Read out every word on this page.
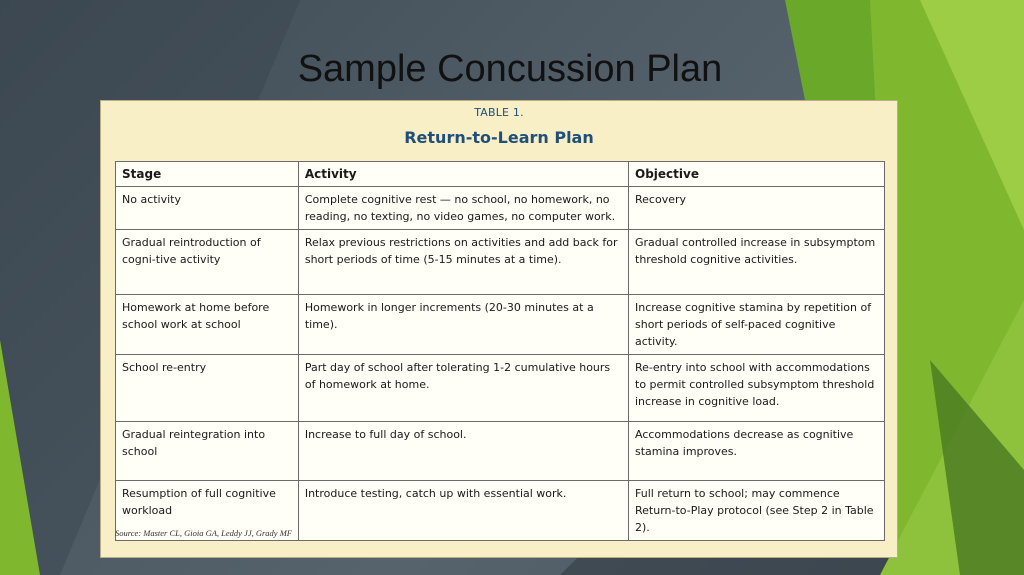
Sample Concussion Plan
TABLE 1.
Return-to-Learn Plan
Stage	Activity	Objective
No activity	Complete cognitive rest — no school, no homework, no reading, no texting, no video games, no computer work.	Recovery
Gradual reintroduction of cogni-tive activity	Relax previous restrictions on activities and add back for short periods of time (5-15 minutes at a time).	Gradual controlled increase in subsymptom threshold cognitive activities.
Homework at home before school work at school	Homework in longer increments (20-30 minutes at a time).	Increase cognitive stamina by repetition of short periods of self-paced cognitive activity.
School re-entry	Part day of school after tolerating 1-2 cumulative hours of homework at home.	Re-entry into school with accommodations to permit controlled subsymptom threshold increase in cognitive load.
Gradual reintegration into school	Increase to full day of school.	Accommodations decrease as cognitive stamina improves.
Resumption of full cognitive workload	Introduce testing, catch up with essential work.	Full return to school; may commence Return-to-Play protocol (see Step 2 in Table 2).
Source: Master CL, Gioia GA, Leddy JJ, Grady MF
